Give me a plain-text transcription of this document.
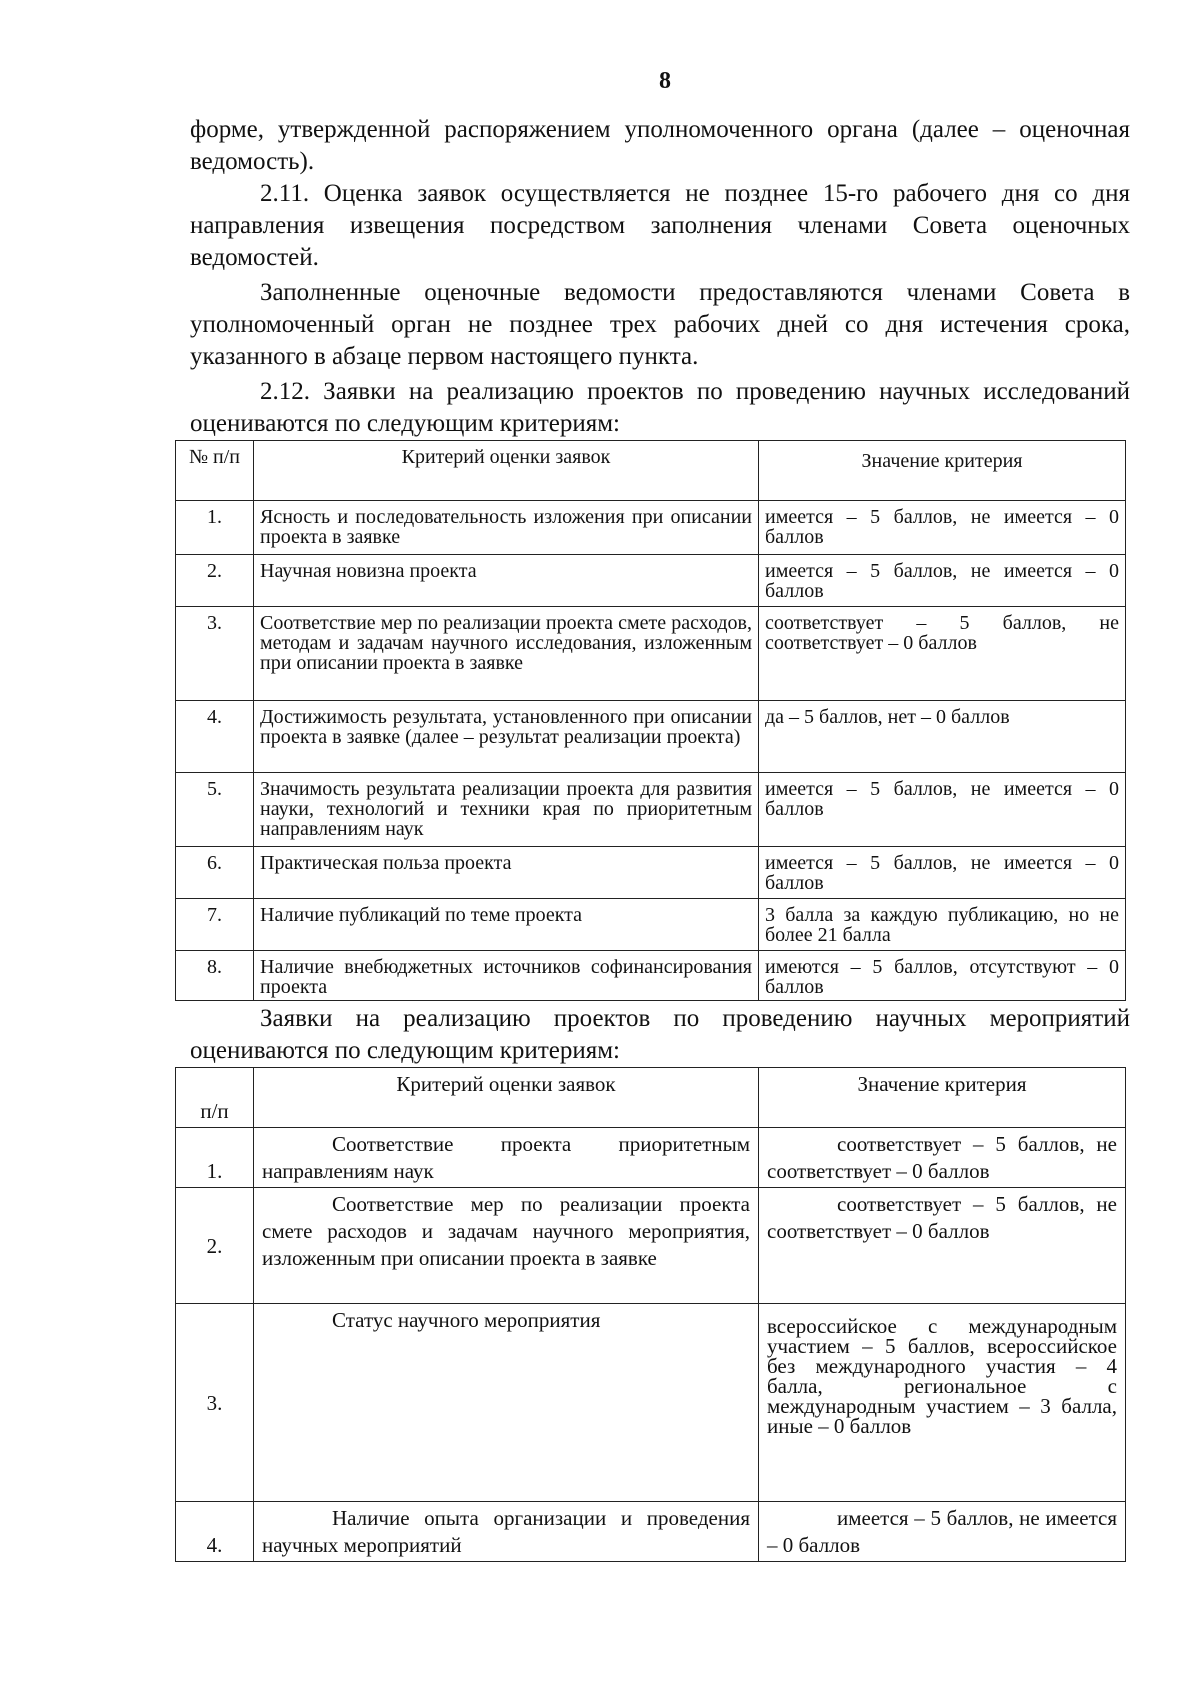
8

форме, утвержденной распоряжением уполномоченного органа (далее – оценочная ведомость).

2.11. Оценка заявок осуществляется не позднее 15-го рабочего дня со дня направления извещения посредством заполнения членами Совета оценочных ведомостей.

Заполненные оценочные ведомости предоставляются членами Совета в уполномоченный орган не позднее трех рабочих дней со дня истечения срока, указанного в абзаце первом настоящего пункта.

2.12. Заявки на реализацию проектов по проведению научных исследований оцениваются по следующим критериям:

№ п/п	Критерий оценки заявок	Значение критерия
1.	Ясность и последовательность изложения при описании проекта в заявке	имеется – 5 баллов, не имеется – 0 баллов
2.	Научная новизна проекта	имеется – 5 баллов, не имеется – 0 баллов
3.	Соответствие мер по реализации проекта смете расходов, методам и задачам научного исследования, изложенным при описании проекта в заявке	соответствует – 5 баллов, не соответствует – 0 баллов
4.	Достижимость результата, установленного при описании проекта в заявке (далее – результат реализации проекта)	да – 5 баллов, нет – 0 баллов
5.	Значимость результата реализации проекта для развития науки, технологий и техники края по приоритетным направлениям наук	имеется – 5 баллов, не имеется – 0 баллов
6.	Практическая польза проекта	имеется – 5 баллов, не имеется – 0 баллов
7.	Наличие публикаций по теме проекта	3 балла за каждую публикацию, но не более 21 балла
8.	Наличие внебюджетных источников софинансирования проекта	имеются – 5 баллов, отсутствуют – 0 баллов

Заявки на реализацию проектов по проведению научных мероприятий оцениваются по следующим критериям:

п/п	Критерий оценки заявок	Значение критерия
1.	Соответствие проекта приоритетным направлениям наук	соответствует – 5 баллов, не соответствует – 0 баллов
2.	Соответствие мер по реализации проекта смете расходов и задачам научного мероприятия, изложенным при описании проекта в заявке	соответствует – 5 баллов, не соответствует – 0 баллов
3.	Статус научного мероприятия	всероссийское с международным участием – 5 баллов, всероссийское без международного участия – 4 балла, региональное с международным участием – 3 балла, иные – 0 баллов
4.	Наличие опыта организации и проведения научных мероприятий	имеется – 5 баллов, не имеется – 0 баллов
